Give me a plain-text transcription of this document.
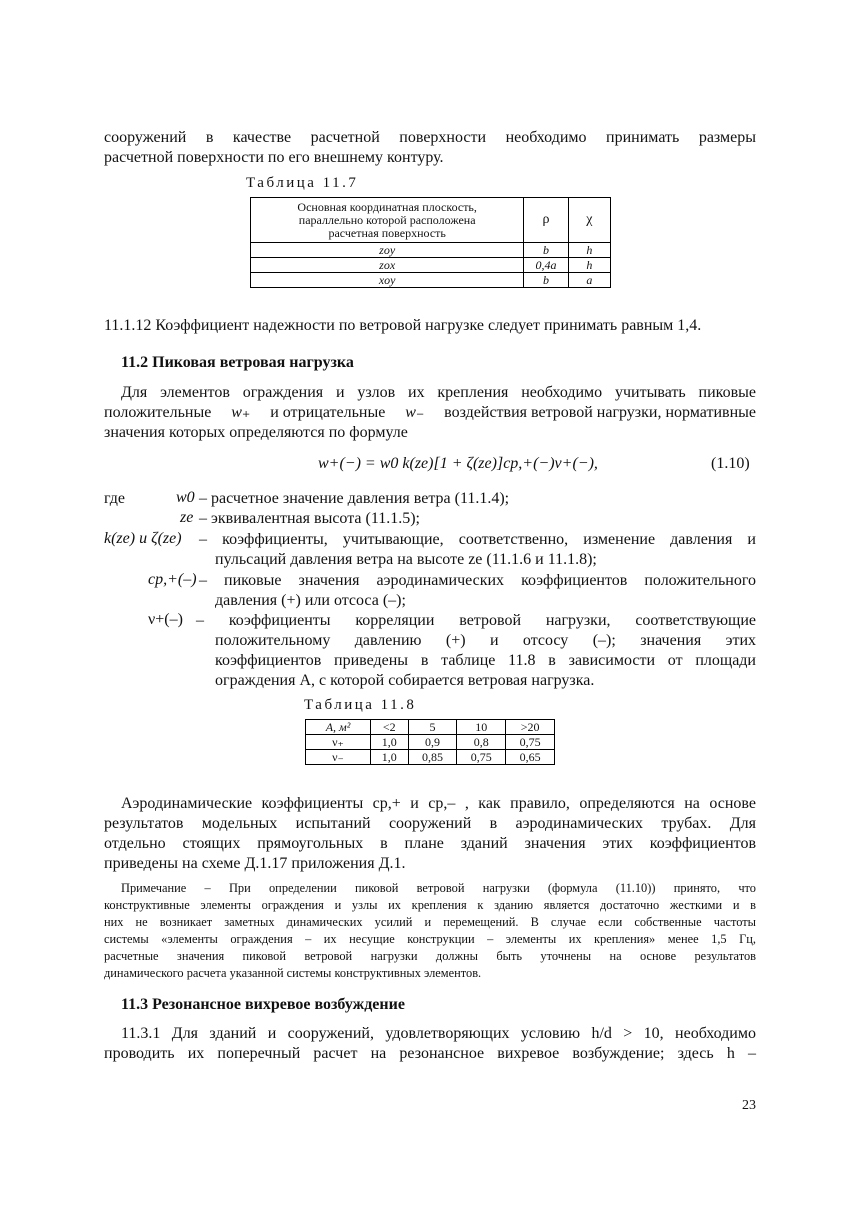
сооружений в качестве расчетной поверхности необходимо принимать размеры
расчетной поверхности по его внешнему контуру.
Таблица 11.7
Основная координатная плоскость,
параллельно которой расположена
расчетная поверхность	ρ	χ
zoy	b	h
zox	0,4a	h
xoy	b	a
11.1.12 Коэффициент надежности по ветровой нагрузке следует принимать равным 1,4.
11.2 Пиковая ветровая нагрузка
Для элементов ограждения и узлов их крепления необходимо учитывать пиковые
положительные w₊ и отрицательные w₋ воздействия ветровой нагрузки, нормативные
значения которых определяются по формуле
w+(−) = w0 k(ze)[1 + ζ(ze)]cp,+(−)ν+(−),	(1.10)
где	w0 – расчетное значение давления ветра (11.1.4);
ze – эквивалентная высота (11.1.5);
k(ze) и ζ(ze) – коэффициенты, учитывающие, соответственно, изменение давления и
пульсаций давления ветра на высоте ze (11.1.6 и 11.1.8);
cp,+(–) – пиковые значения аэродинамических коэффициентов положительного
давления (+) или отсоса (–);
ν+(–) – коэффициенты корреляции ветровой нагрузки, соответствующие
положительному давлению (+) и отсосу (–); значения этих
коэффициентов приведены в таблице 11.8 в зависимости от площади
ограждения A, с которой собирается ветровая нагрузка.
Таблица 11.8
A, м²	<2	5	10	>20
ν₊	1,0	0,9	0,8	0,75
ν₋	1,0	0,85	0,75	0,65
Аэродинамические коэффициенты cp,+ и cp,– , как правило, определяются на основе
результатов модельных испытаний сооружений в аэродинамических трубах. Для
отдельно стоящих прямоугольных в плане зданий значения этих коэффициентов
приведены на схеме Д.1.17 приложения Д.1.
Примечание – При определении пиковой ветровой нагрузки (формула (11.10)) принято, что
конструктивные элементы ограждения и узлы их крепления к зданию является достаточно жесткими и в
них не возникает заметных динамических усилий и перемещений. В случае если собственные частоты
системы «элементы ограждения – их несущие конструкции – элементы их крепления» менее 1,5 Гц,
расчетные значения пиковой ветровой нагрузки должны быть уточнены на основе результатов
динамического расчета указанной системы конструктивных элементов.
11.3 Резонансное вихревое возбуждение
11.3.1 Для зданий и сооружений, удовлетворяющих условию h/d > 10, необходимо
проводить их поперечный расчет на резонансное вихревое возбуждение; здесь h –
23
